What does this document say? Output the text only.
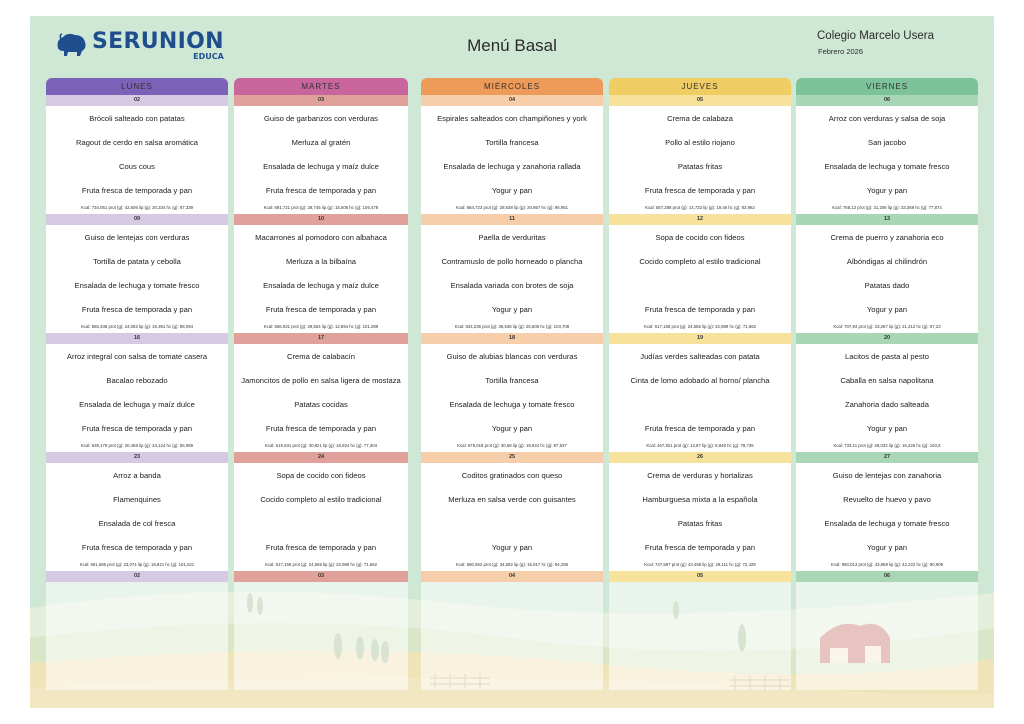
SERUNION
EDUCA
Menú Basal	Colegio Marcelo Usera
Febrero 2026
LUNES
02
Brócoli salteado con patatas
Ragout de cerdo en salsa aromática
Cous cous
Fruta fresca de temporada y pan
Kcal: 734,051 prot (g): 42,606 lip (g): 20,334 hc (g): 87,339
09
Guiso de lentejas con verduras
Tortilla de patata y cebolla
Ensalada de lechuga y tomate fresco
Fruta fresca de temporada y pan
Kcal: 655,408 prot (g): 24,082 lip (g): 19,391 hc (g): 88,094
16
Arroz integral con salsa de tomate casera
Bacalao rebozado
Ensalada de lechuga y maíz dulce
Fruta fresca de temporada y pan
Kcal: 539,179 prot (g): 20,468 lip (g): 24,124 hc (g): 56,989
23
Arroz a banda
Flamenquines
Ensalada de col fresca
Fruta fresca de temporada y pan
Kcal: 691,585 prot (g): 23,074 lip (g): 19,821 hc (g): 101,021
02
MARTES
03
Guiso de garbanzos con verduras
Merluza al gratén
Ensalada de lechuga y maíz dulce
Fruta fresca de temporada y pan
Kcal: 691,721 prot (g): 28,745 lip (g): 15,505 hc (g): 106,478
10
Macarrones al pomodoro con albahaca
Merluza a la bilbaína
Ensalada de lechuga y maíz dulce
Fruta fresca de temporada y pan
Kcal: 656,931 prot (g): 29,554 lip (g): 12,894 hc (g): 101,289
17
Crema de calabacín
Jamoncitos de pollo en salsa ligera de mostaza
Patatas cocidas
Fruta fresca de temporada y pan
Kcal: 619,531 prot (g): 30,821 lip (g): 18,824 hc (g): 77,304
24
Sopa de cocido con fideos
Cocido completo al estilo tradicional
Fruta fresca de temporada y pan
Kcal: 617,158 prot (g): 24,555 lip (g): 22,989 hc (g): 71,662
03
MIÉRCOLES
04
Espirales salteados con champiñones y york
Tortilla francesa
Ensalada de lechuga y zanahoria rallada
Yogur y pan
Kcal: 684,723 prot (g): 28,638 lip (g): 20,867 hc (g): 95,951
11
Paella de verduritas
Contramuslo de pollo horneado o plancha
Ensalada variada con brotes de soja
Yogur y pan
Kcal: 834,235 prot (g): 39,636 lip (g): 26,505 hc (g): 103,708
18
Guiso de alubias blancas con verduras
Tortilla francesa
Ensalada de lechuga y tomate fresco
Yogur y pan
Kcal: 675,018 prot (g): 30,58 lip (g): 19,924 hc (g): 87,537
25
Coditos gratinados con queso
Merluza en salsa verde con guisantes
Yogur y pan
Kcal: 680,562 prot (g): 34,582 lip (g): 15,917 hc (g): 94,298
04
JUEVES
05
Crema de calabaza
Pollo al estilo riojano
Patatas fritas
Fruta fresca de temporada y pan
Kcal: 587,288 prot (g): 14,733 lip (g): 19,46 hc (g): 83,962
12
Sopa de cocido con fideos
Cocido completo al estilo tradicional
Fruta fresca de temporada y pan
Kcal: 617,158 prot (g): 24,555 lip (g): 22,989 hc (g): 71,662
19
Judías verdes salteadas con patata
Cinta de lomo adobado al horno/ plancha
Fruta fresca de temporada y pan
Kcal: 467,821 prot (g): 12,87 lip (g): 8,848 hc (g): 78,735
26
Crema de verduras y hortalizas
Hamburguesa mixta a la española
Patatas fritas
Fruta fresca de temporada y pan
Kcal: 747,587 prot (g): 43,458 lip (g): 29,111 hc (g): 72,429
05
VIERNES
06
Arroz con verduras y salsa de soja
San jacobo
Ensalada de lechuga y tomate fresco
Yogur y pan
Kcal: 758,13 prot (g): 31,206 lip (g): 33,369 hc (g): 77,874
13
Crema de puerro y zanahoria eco
Albóndigas al chilindrón
Patatas dado
Yogur y pan
Kcal: 707,84 prot (g): 23,267 lip (g): 21,412 hc (g): 97,23
20
Lacitos de pasta al pesto
Caballa en salsa napolitana
Zanahoria dado salteada
Yogur y pan
Kcal: 733,11 prot (g): 28,032 lip (g): 16,226 hc (g): 103,6
27
Guiso de lentejas con zanahoria
Revuelto de huevo y pavo
Ensalada de lechuga y tomate fresco
Yogur y pan
Kcal: 950,013 prot (g): 43,858 lip (g): 42,222 hc (g): 90,909
06
